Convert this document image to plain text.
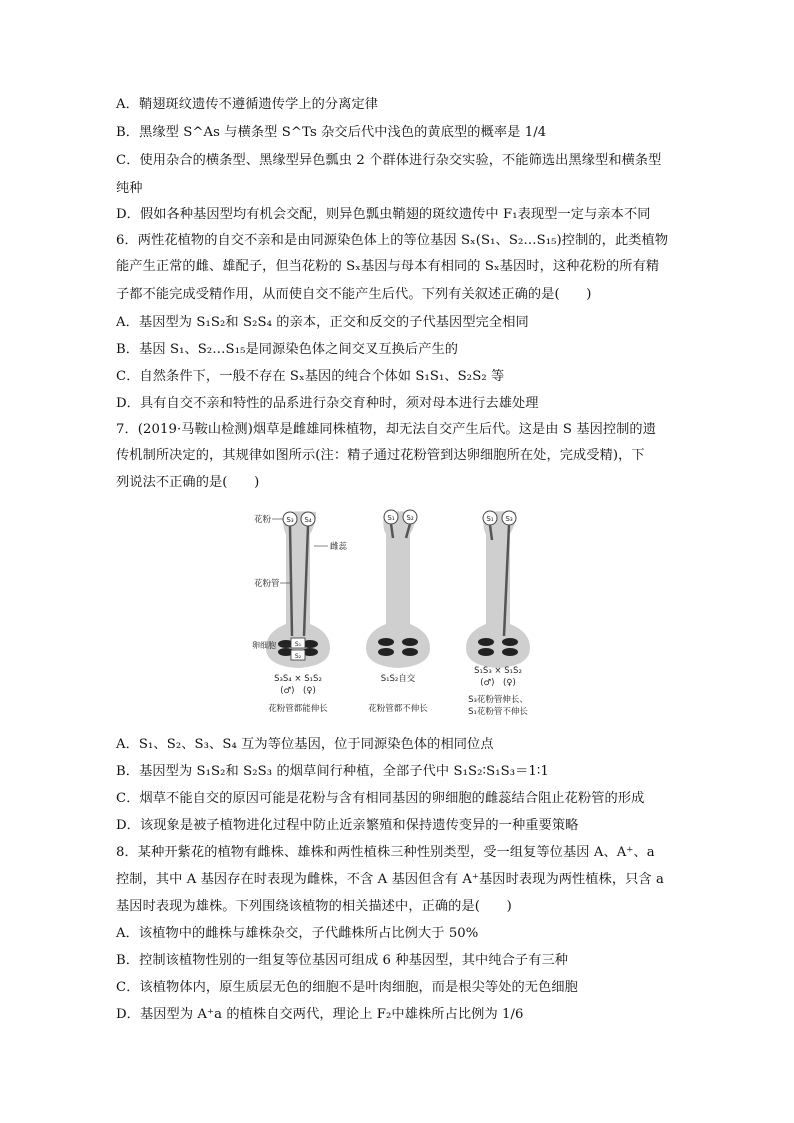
A．鞘翅斑纹遗传不遵循遗传学上的分离定律
B．黑缘型 S^As 与横条型 S^Ts 杂交后代中浅色的黄底型的概率是 1/4
C．使用杂合的横条型、黑缘型异色瓢虫 2 个群体进行杂交实验，不能筛选出黑缘型和横条型
纯种
D．假如各种基因型均有机会交配，则异色瓢虫鞘翅的斑纹遗传中 F₁表现型一定与亲本不同
6．两性花植物的自交不亲和是由同源染色体上的等位基因 Sₓ(S₁、S₂…S₁₅)控制的，此类植物
能产生正常的雌、雄配子，但当花粉的 Sₓ基因与母本有相同的 Sₓ基因时，这种花粉的所有精
子都不能完成受精作用，从而使自交不能产生后代。下列有关叙述正确的是(　　)
A．基因型为 S₁S₂和 S₂S₄ 的亲本，正交和反交的子代基因型完全相同
B．基因 S₁、S₂…S₁₅是同源染色体之间交叉互换后产生的
C．自然条件下，一般不存在 Sₓ基因的纯合个体如 S₁S₁、S₂S₂ 等
D．具有自交不亲和特性的品系进行杂交育种时，须对母本进行去雄处理
7．(2019·马鞍山检测)烟草是雌雄同株植物，却无法自交产生后代。这是由 S 基因控制的遗
传机制所决定的，其规律如图所示(注：精子通过花粉管到达卵细胞所在处，完成受精)，下
列说法不正确的是(　　)
S₃ S₄
S₁
S₂
S₁ S₂	S₁ S₃
花粉
花粉管
卵细胞
雌蕊
S₃S₄ × S₁S₂
(♂)　(♀)
花粉管都能伸长
S₁S₂自交
花粉管都不伸长
S₁S₃ × S₁S₂
(♂)　(♀)
S₃花粉管伸长、
S₁花粉管不伸长
A．S₁、S₂、S₃、S₄ 互为等位基因，位于同源染色体的相同位点
B．基因型为 S₁S₂和 S₂S₃ 的烟草间行种植，全部子代中 S₁S₂∶S₁S₃＝1∶1
C．烟草不能自交的原因可能是花粉与含有相同基因的卵细胞的雌蕊结合阻止花粉管的形成
D．该现象是被子植物进化过程中防止近亲繁殖和保持遗传变异的一种重要策略
8．某种开紫花的植物有雌株、雄株和两性植株三种性别类型，受一组复等位基因 A、A⁺、a
控制，其中 A 基因存在时表现为雌株，不含 A 基因但含有 A⁺基因时表现为两性植株，只含 a
基因时表现为雄株。下列围绕该植物的相关描述中，正确的是(　　)
A．该植物中的雌株与雄株杂交，子代雌株所占比例大于 50%
B．控制该植物性别的一组复等位基因可组成 6 种基因型，其中纯合子有三种
C．该植物体内，原生质层无色的细胞不是叶肉细胞，而是根尖等处的无色细胞
D．基因型为 A⁺a 的植株自交两代，理论上 F₂中雄株所占比例为 1/6
